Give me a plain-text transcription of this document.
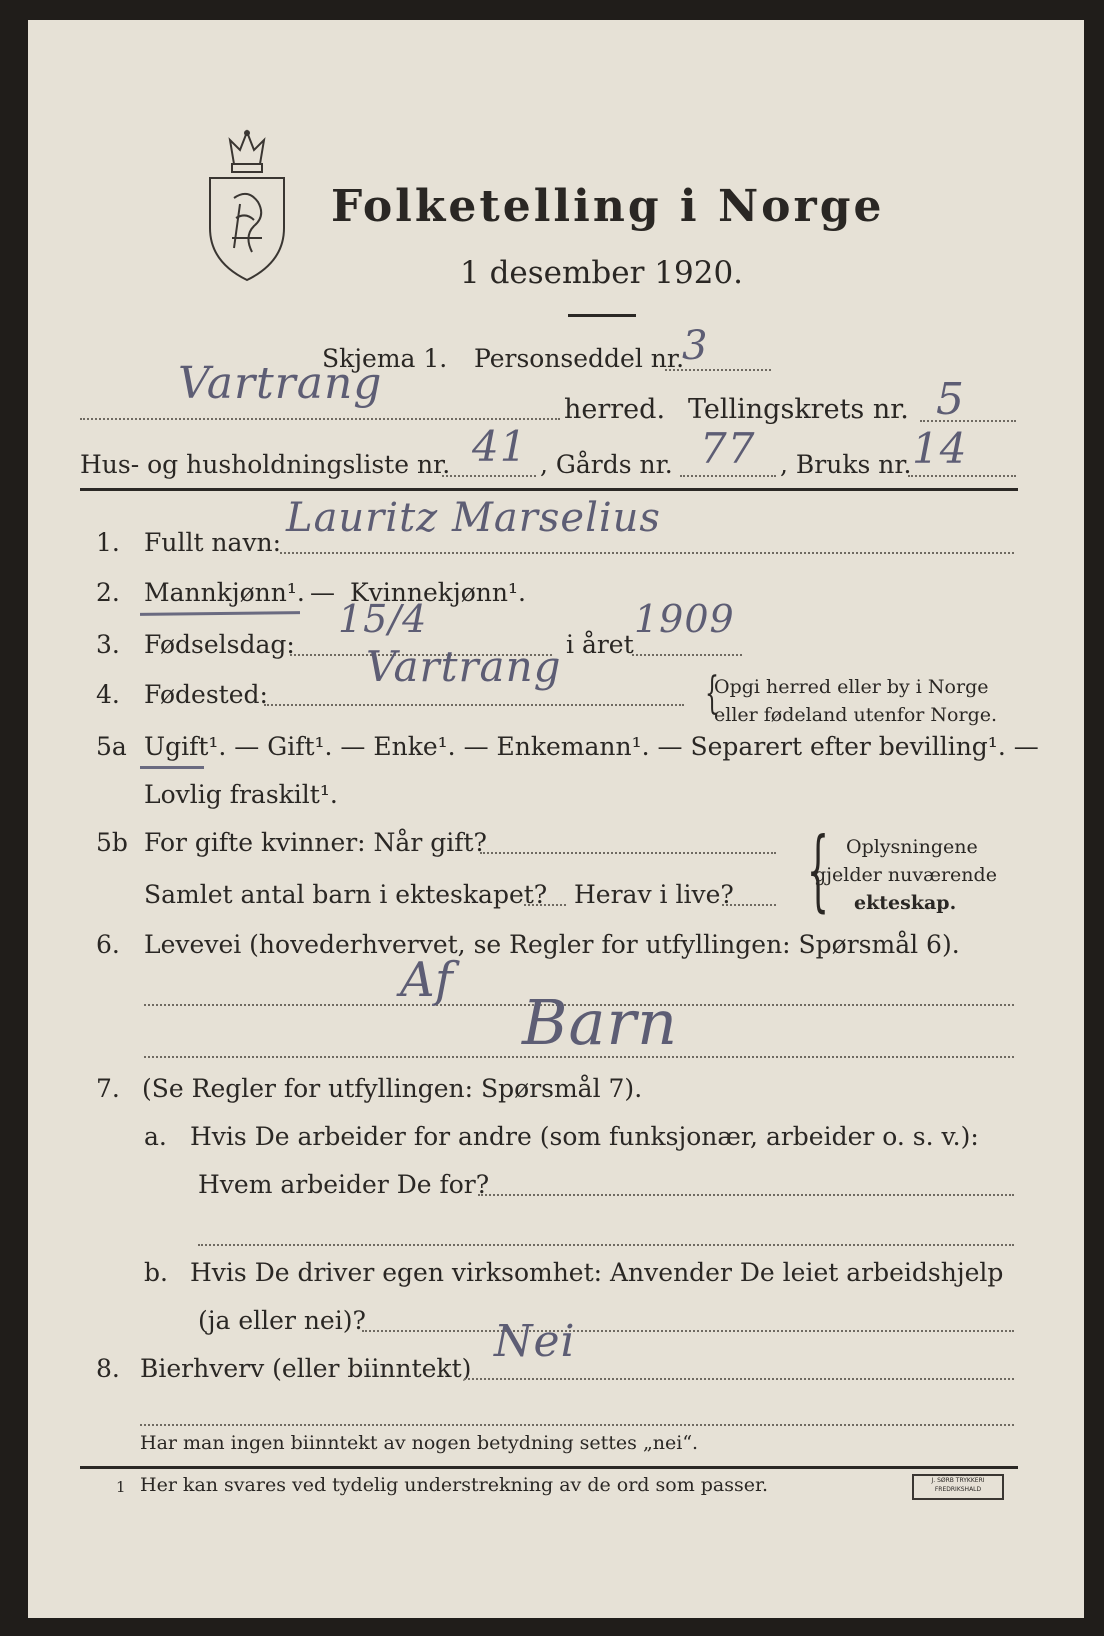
Folketelling i Norge
1 desember 1920.
Skjema 1. Personseddel nr.
3
Vartrang
herred. Tellingskrets nr. 5
Hus- og husholdningsliste nr. 41 , Gårds nr. 77 , Bruks nr. 14
1. Fullt navn:
Lauritz Marselius
2. Mannkjønn¹. — Kvinnekjønn¹.
3. Fødselsdag:
15/4
i året
1909
4. Fødested:
Vartrang
{
Opgi herred eller by i Norge
eller fødeland utenfor Norge.
5a Ugift¹. — Gift¹. — Enke¹. — Enkemann¹. — Separert efter bevilling¹. —
Lovlig fraskilt¹.
5b For gifte kvinner: Når gift?
Samlet antal barn i ekteskapet? Herav i live? { Oplysningene
gjelder nuværende
ekteskap.
6. Levevei (hovederhvervet, se Regler for utfyllingen: Spørsmål 6).
Af
Barn
7. (Se Regler for utfyllingen: Spørsmål 7).
a. Hvis De arbeider for andre (som funksjonær, arbeider o. s. v.):
Hvem arbeider De for?
b. Hvis De driver egen virksomhet: Anvender De leiet arbeidshjelp
(ja eller nei)?
8. Bierhverv (eller biinntekt)
Nei
Har man ingen biinntekt av nogen betydning settes „nei“.
1 Her kan svares ved tydelig understrekning av de ord som passer.	J. SØRB TRYKKERI
FREDRIKSHALD
